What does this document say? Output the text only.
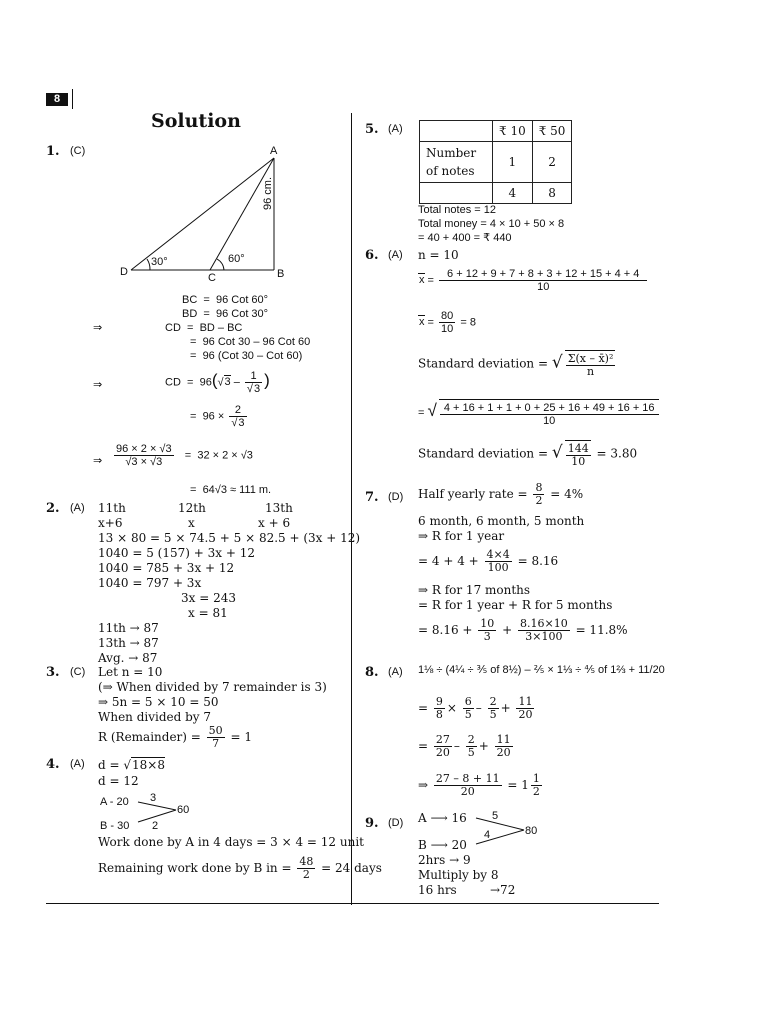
8
Solution
1. (C)	A
D	C	B
30°	60°
96 cm.
BC = 96 Cot 60°
BD = 96 Cot 30°
⇒	CD = BD – BC
= 96 Cot 30 – 96 Cot 60
= 96 (Cot 30 – Cot 60)
⇒	CD = $96(√3 - \frac{1}{√3}$ )
= $96 \times \frac{2}{√3}$
⇒ $\frac{96 \times 2 \times √3}{√3 \times √3} = 32 \times 2 \times √3$
= 64√3 ≈ 111 m.
2. (A) 11th	12th	13th
x+6	x	x + 6
13 × 80 = 5 × 74.5 + 5 × 82.5 + (3x + 12)
1040 = 5 (157) + 3x + 12
1040 = 785 + 3x + 12
1040 = 797 + 3x
3x = 243
x = 81
11th → 87
13th → 87
Avg. → 87
3. (C) Let n = 10
(⇒ When divided by 7 remainder is 3)
⇒ 5n = 5 × 10 = 50
When divided by 7
R (Remainder) = $\frac{50}{7} = 1$
4. (A) d = √18×8
d = 12
A - 20
B - 30
3
2
60
Work done by A in 4 days = 3 × 4 = 12 unit
Remaining work done by B in = $\frac{48}{2} = 24$ days
5. (A)
		₹ 10	₹ 50
Number of notes	1	2
	4	8
Total notes = 12
Total money = 4 × 10 + 50 × 8
= 40 + 400 = ₹ 440
6. (A) n = 10
$x = \frac{6 + 12 + 9 + 7 + 8 + 3 + 12 + 15 + 4 + 4}{10}$
$x = \frac{80}{10} = 8$
Standard deviation = √ $\frac{\text{Σ(x – x̄)²}}{n}$
= √ $\frac{4 + 16 + 1 + 1 + 0 + 25 + 16 + 49 + 16 + 16}{10}$
Standard deviation = √ $\frac{144}{10} = 3.80$
7. (D) Half yearly rate = $\frac{8}{2} = 4\%$
6 month, 6 month, 5 month
⇒ R for 1 year
= $4 + 4 + \frac{4\times 4}{100} = 8.16$
⇒ R for 17 months
= R for 1 year + R for 5 months
= $8.16 + \frac{10}{3} + \frac{8.16\times 10}{3\times 100} = 11.8\%$
8. (A) 1⅛ ÷ (4¼ ÷ ⅗ of 8½) – ⅖ × 1⅓ ÷ ⅘ of 1⅔ + 11/20
= $\frac{9}{8} \times \frac{6}{5} - \frac{2}{5} + \frac{11}{20}$
= $\frac{27}{20} - \frac{2}{5} + \frac{11}{20}$
⇒ $\frac{27 - 8 + 11}{20} = 1 \frac{1}{2}$
9. (D) A ⟶ 16
B ⟶ 20
5
4	80
2hrs → 9
Multiply by 8
16 hrs	→72
